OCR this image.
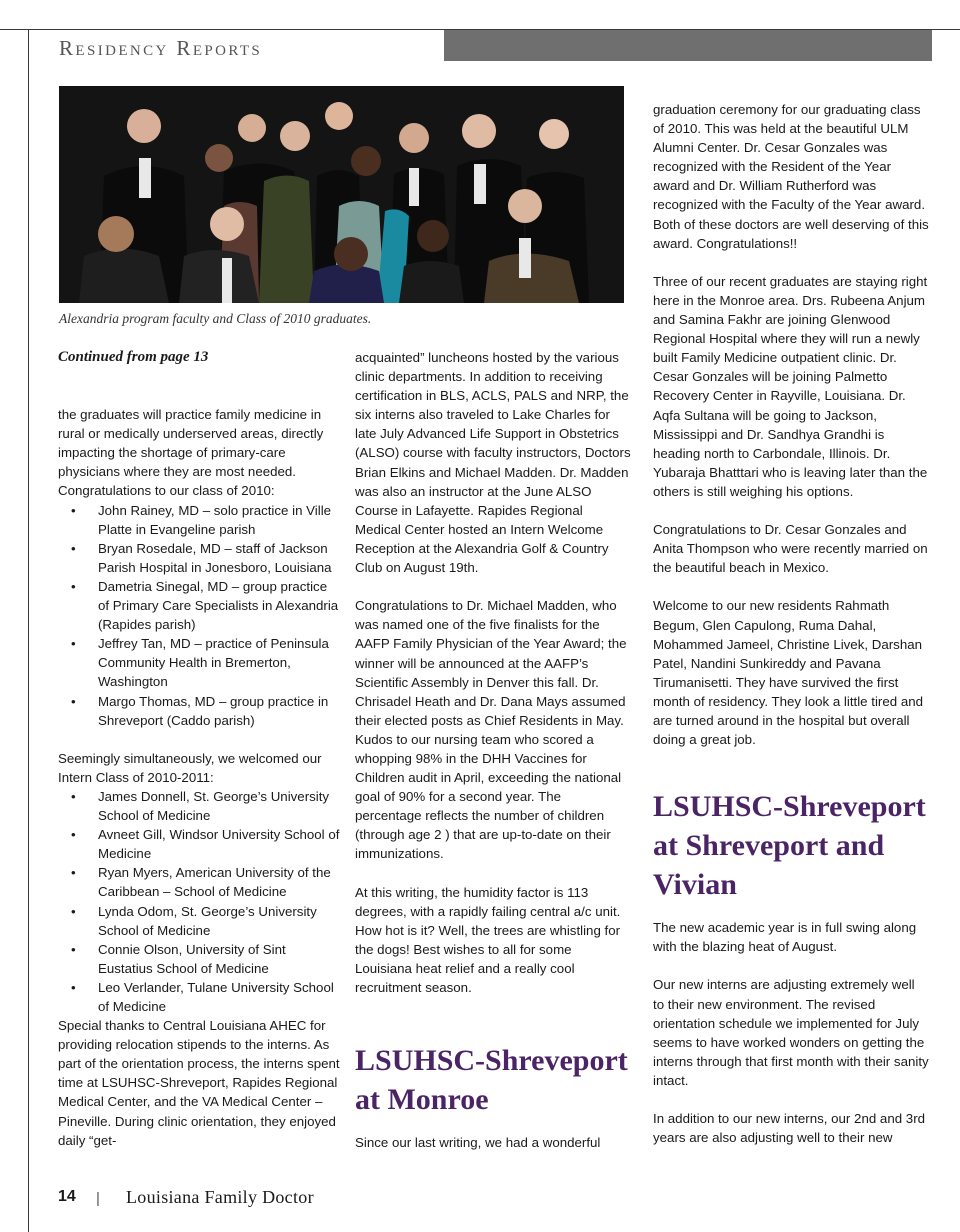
Residency Reports
Alexandria program faculty and Class of 2010 graduates.

Continued from page 13

the graduates will practice family medicine in rural or medically underserved areas, directly impacting the shortage of primary-care physicians where they are most needed. Congratulations to our class of 2010:

• John Rainey, MD – solo practice in Ville Platte in Evangeline parish
• Bryan Rosedale, MD – staff of Jackson Parish Hospital in Jonesboro, Louisiana
• Dametria Sinegal, MD – group practice of Primary Care Specialists in Alexandria (Rapides parish)
• Jeffrey Tan, MD – practice of Peninsula Community Health in Bremerton, Washington
• Margo Thomas, MD – group practice in Shreveport (Caddo parish)

Seemingly simultaneously, we welcomed our Intern Class of 2010-2011:

• James Donnell, St. George’s University School of Medicine
• Avneet Gill, Windsor University School of Medicine
• Ryan Myers, American University of the Caribbean – School of Medicine
• Lynda Odom, St. George’s University School of Medicine
• Connie Olson, University of Sint Eustatius School of Medicine
• Leo Verlander, Tulane University School of Medicine

Special thanks to Central Louisiana AHEC for providing relocation stipends to the interns. As part of the orientation process, the interns spent time at LSUHSC-Shreveport, Rapides Regional Medical Center, and the VA Medical Center – Pineville. During clinic orientation, they enjoyed daily “get-

acquainted” luncheons hosted by the various clinic departments. In addition to receiving certification in BLS, ACLS, PALS and NRP, the six interns also traveled to Lake Charles for late July Advanced Life Support in Obstetrics (ALSO) course with faculty instructors, Doctors Brian Elkins and Michael Madden. Dr. Madden was also an instructor at the June ALSO Course in Lafayette. Rapides Regional Medical Center hosted an Intern Welcome Reception at the Alexandria Golf & Country Club on August 19th.

Congratulations to Dr. Michael Madden, who was named one of the five finalists for the AAFP Family Physician of the Year Award; the winner will be announced at the AAFP’s Scientific Assembly in Denver this fall. Dr. Chrisadel Heath and Dr. Dana Mays assumed their elected posts as Chief Residents in May. Kudos to our nursing team who scored a whopping 98% in the DHH Vaccines for Children audit in April, exceeding the national goal of 90% for a second year. The percentage reflects the number of children (through age 2 ) that are up-to-date on their immunizations.

At this writing, the humidity factor is 113 degrees, with a rapidly failing central a/c unit. How hot is it? Well, the trees are whistling for the dogs! Best wishes to all for some Louisiana heat relief and a really cool recruitment season.

LSUHSC-Shreveport at Monroe

Since our last writing, we had a wonderful

graduation ceremony for our graduating class of 2010. This was held at the beautiful ULM Alumni Center. Dr. Cesar Gonzales was recognized with the Resident of the Year award and Dr. William Rutherford was recognized with the Faculty of the Year award. Both of these doctors are well deserving of this award. Congratulations!!

Three of our recent graduates are staying right here in the Monroe area. Drs. Rubeena Anjum and Samina Fakhr are joining Glenwood Regional Hospital where they will run a newly built Family Medicine outpatient clinic. Dr. Cesar Gonzales will be joining Palmetto Recovery Center in Rayville, Louisiana. Dr. Aqfa Sultana will be going to Jackson, Mississippi and Dr. Sandhya Grandhi is heading north to Carbondale, Illinois. Dr. Yubaraja Bhatttari who is leaving later than the others is still weighing his options.

Congratulations to Dr. Cesar Gonzales and Anita Thompson who were recently married on the beautiful beach in Mexico.

Welcome to our new residents Rahmath Begum, Glen Capulong, Ruma Dahal, Mohammed Jameel, Christine Livek, Darshan Patel, Nandini Sunkireddy and Pavana Tirumanisetti. They have survived the first month of residency. They look a little tired and are turned around in the hospital but overall doing a great job.

LSUHSC-Shreveport at Shreveport and Vivian

The new academic year is in full swing along with the blazing heat of August.

Our new interns are adjusting extremely well to their new environment. The revised orientation schedule we implemented for July seems to have worked wonders on getting the interns through that first month with their sanity intact.

In addition to our new interns, our 2nd and 3rd years are also adjusting well to their new

14 | Louisiana Family Doctor
